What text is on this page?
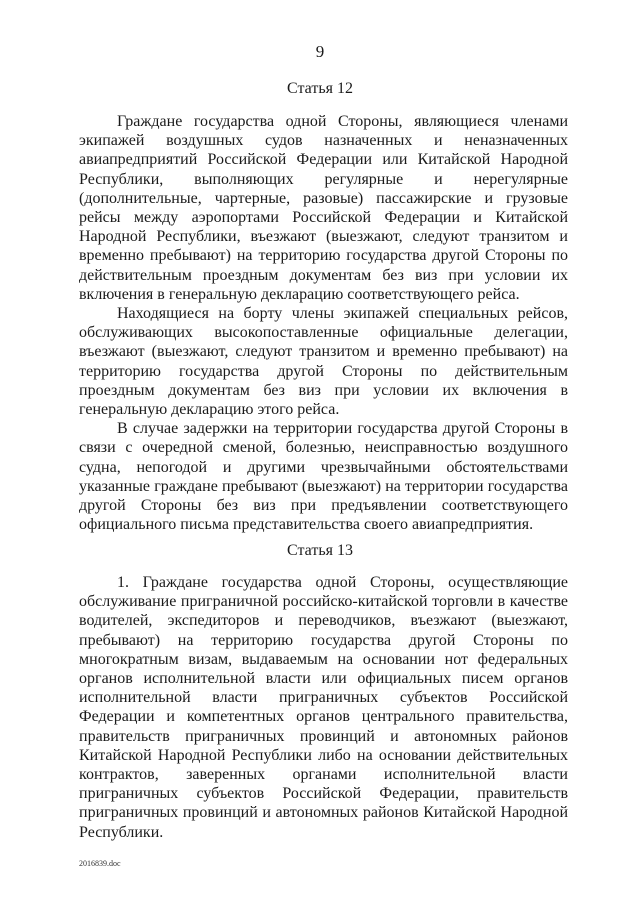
9
Статья 12

Граждане государства одной Стороны, являющиеся членами экипажей воздушных судов назначенных и неназначенных авиапредприятий Российской Федерации или Китайской Народной Республики, выполняющих регулярные и нерегулярные (дополнительные, чартерные, разовые) пассажирские и грузовые рейсы между аэропортами Российской Федерации и Китайской Народной Республики, въезжают (выезжают, следуют транзитом и временно пребывают) на территорию государства другой Стороны по действительным проездным документам без виз при условии их включения в генеральную декларацию соответствующего рейса.

Находящиеся на борту члены экипажей специальных рейсов, обслуживающих высокопоставленные официальные делегации, въезжают (выезжают, следуют транзитом и временно пребывают) на территорию государства другой Стороны по действительным проездным документам без виз при условии их включения в генеральную декларацию этого рейса.

В случае задержки на территории государства другой Стороны в связи с очередной сменой, болезнью, неисправностью воздушного судна, непогодой и другими чрезвычайными обстоятельствами указанные граждане пребывают (выезжают) на территории государства другой Стороны без виз при предъявлении соответствующего официального письма представительства своего авиапредприятия.

Статья 13

1. Граждане государства одной Стороны, осуществляющие обслуживание приграничной российско-китайской торговли в качестве водителей, экспедиторов и переводчиков, въезжают (выезжают, пребывают) на территорию государства другой Стороны по многократным визам, выдаваемым на основании нот федеральных органов исполнительной власти или официальных писем органов исполнительной власти приграничных субъектов Российской Федерации и компетентных органов центрального правительства, правительств приграничных провинций и автономных районов Китайской Народной Республики либо на основании действительных контрактов, заверенных органами исполнительной власти приграничных субъектов Российской Федерации, правительств приграничных провинций и автономных районов Китайской Народной Республики.

2016839.doc
